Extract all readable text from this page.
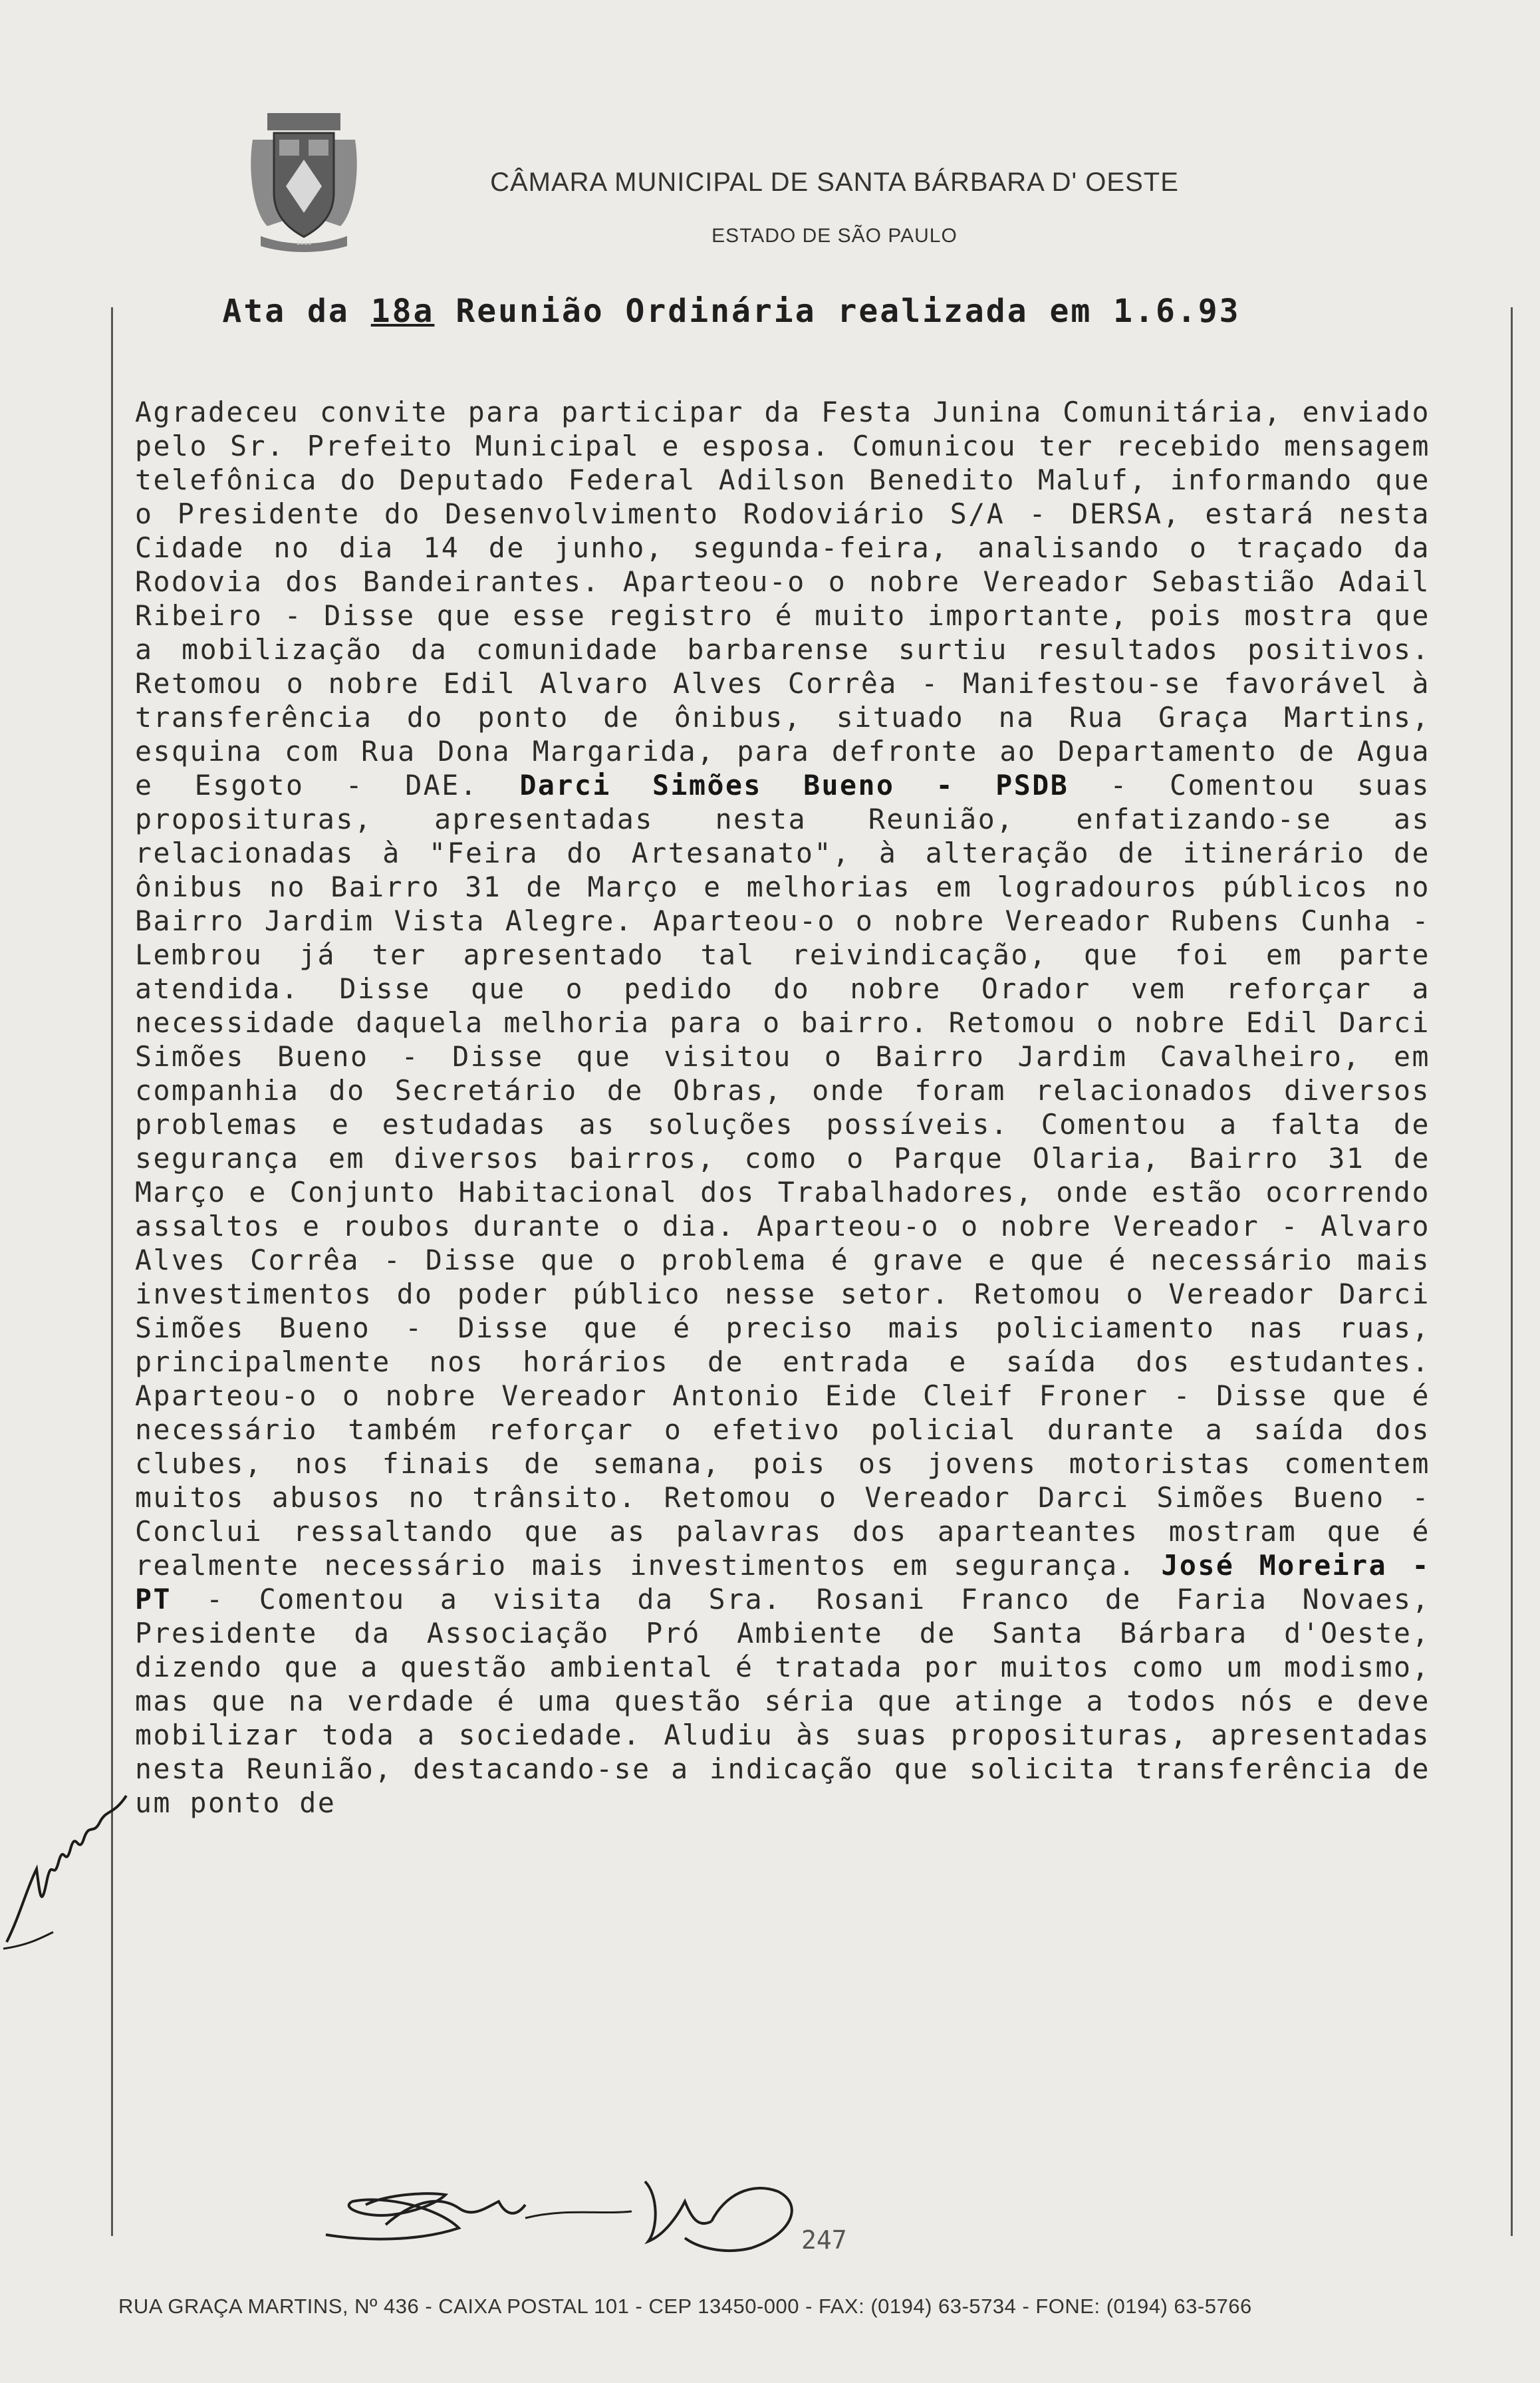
1818
CÂMARA MUNICIPAL DE SANTA BÁRBARA D' OESTE
ESTADO DE SÃO PAULO
Ata da 18a Reunião Ordinária realizada em 1.6.93

Agradeceu convite para participar da Festa Junina Comunitária, enviado pelo Sr. Prefeito Municipal e esposa. Comunicou ter recebido mensagem telefônica do Deputado Federal Adilson Benedito Maluf, informando que o Presidente do Desenvolvimento Rodoviário S/A - DERSA, estará nesta Cidade no dia 14 de junho, segunda-feira, analisando o traçado da Rodovia dos Bandeirantes. Aparteou-o o nobre Vereador Sebastião Adail Ribeiro - Disse que esse registro é muito importante, pois mostra que a mobilização da comunidade barbarense surtiu resultados positivos. Retomou o nobre Edil Alvaro Alves Corrêa - Manifestou-se favorável à transferência do ponto de ônibus, situado na Rua Graça Martins, esquina com Rua Dona Margarida, para defronte ao Departamento de Agua e Esgoto - DAE. Darci Simões Bueno - PSDB - Comentou suas proposituras, apresentadas nesta Reunião, enfatizando-se as relacionadas à "Feira do Artesanato", à alteração de itinerário de ônibus no Bairro 31 de Março e melhorias em logradouros públicos no Bairro Jardim Vista Alegre. Aparteou-o o nobre Vereador Rubens Cunha - Lembrou já ter apresentado tal reivindicação, que foi em parte atendida. Disse que o pedido do nobre Orador vem reforçar a necessidade daquela melhoria para o bairro. Retomou o nobre Edil Darci Simões Bueno - Disse que visitou o Bairro Jardim Cavalheiro, em companhia do Secretário de Obras, onde foram relacionados diversos problemas e estudadas as soluções possíveis. Comentou a falta de segurança em diversos bairros, como o Parque Olaria, Bairro 31 de Março e Conjunto Habitacional dos Trabalhadores, onde estão ocorrendo assaltos e roubos durante o dia. Aparteou-o o nobre Vereador - Alvaro Alves Corrêa - Disse que o problema é grave e que é necessário mais investimentos do poder público nesse setor. Retomou o Vereador Darci Simões Bueno - Disse que é preciso mais policiamento nas ruas, principalmente nos horários de entrada e saída dos estudantes. Aparteou-o o nobre Vereador Antonio Eide Cleif Froner - Disse que é necessário também reforçar o efetivo policial durante a saída dos clubes, nos finais de semana, pois os jovens motoristas comentem muitos abusos no trânsito. Retomou o Vereador Darci Simões Bueno - Conclui ressaltando que as palavras dos aparteantes mostram que é realmente necessário mais investimentos em segurança. José Moreira - PT - Comentou a visita da Sra. Rosani Franco de Faria Novaes, Presidente da Associação Pró Ambiente de Santa Bárbara d'Oeste, dizendo que a questão ambiental é tratada por muitos como um modismo, mas que na verdade é uma questão séria que atinge a todos nós e deve mobilizar toda a sociedade. Aludiu às suas proposituras, apresentadas nesta Reunião, destacando-se a indicação que solicita transferência de um ponto de

247
RUA GRAÇA MARTINS, Nº 436 - CAIXA POSTAL 101 - CEP 13450-000 - FAX: (0194) 63-5734 - FONE: (0194) 63-5766
